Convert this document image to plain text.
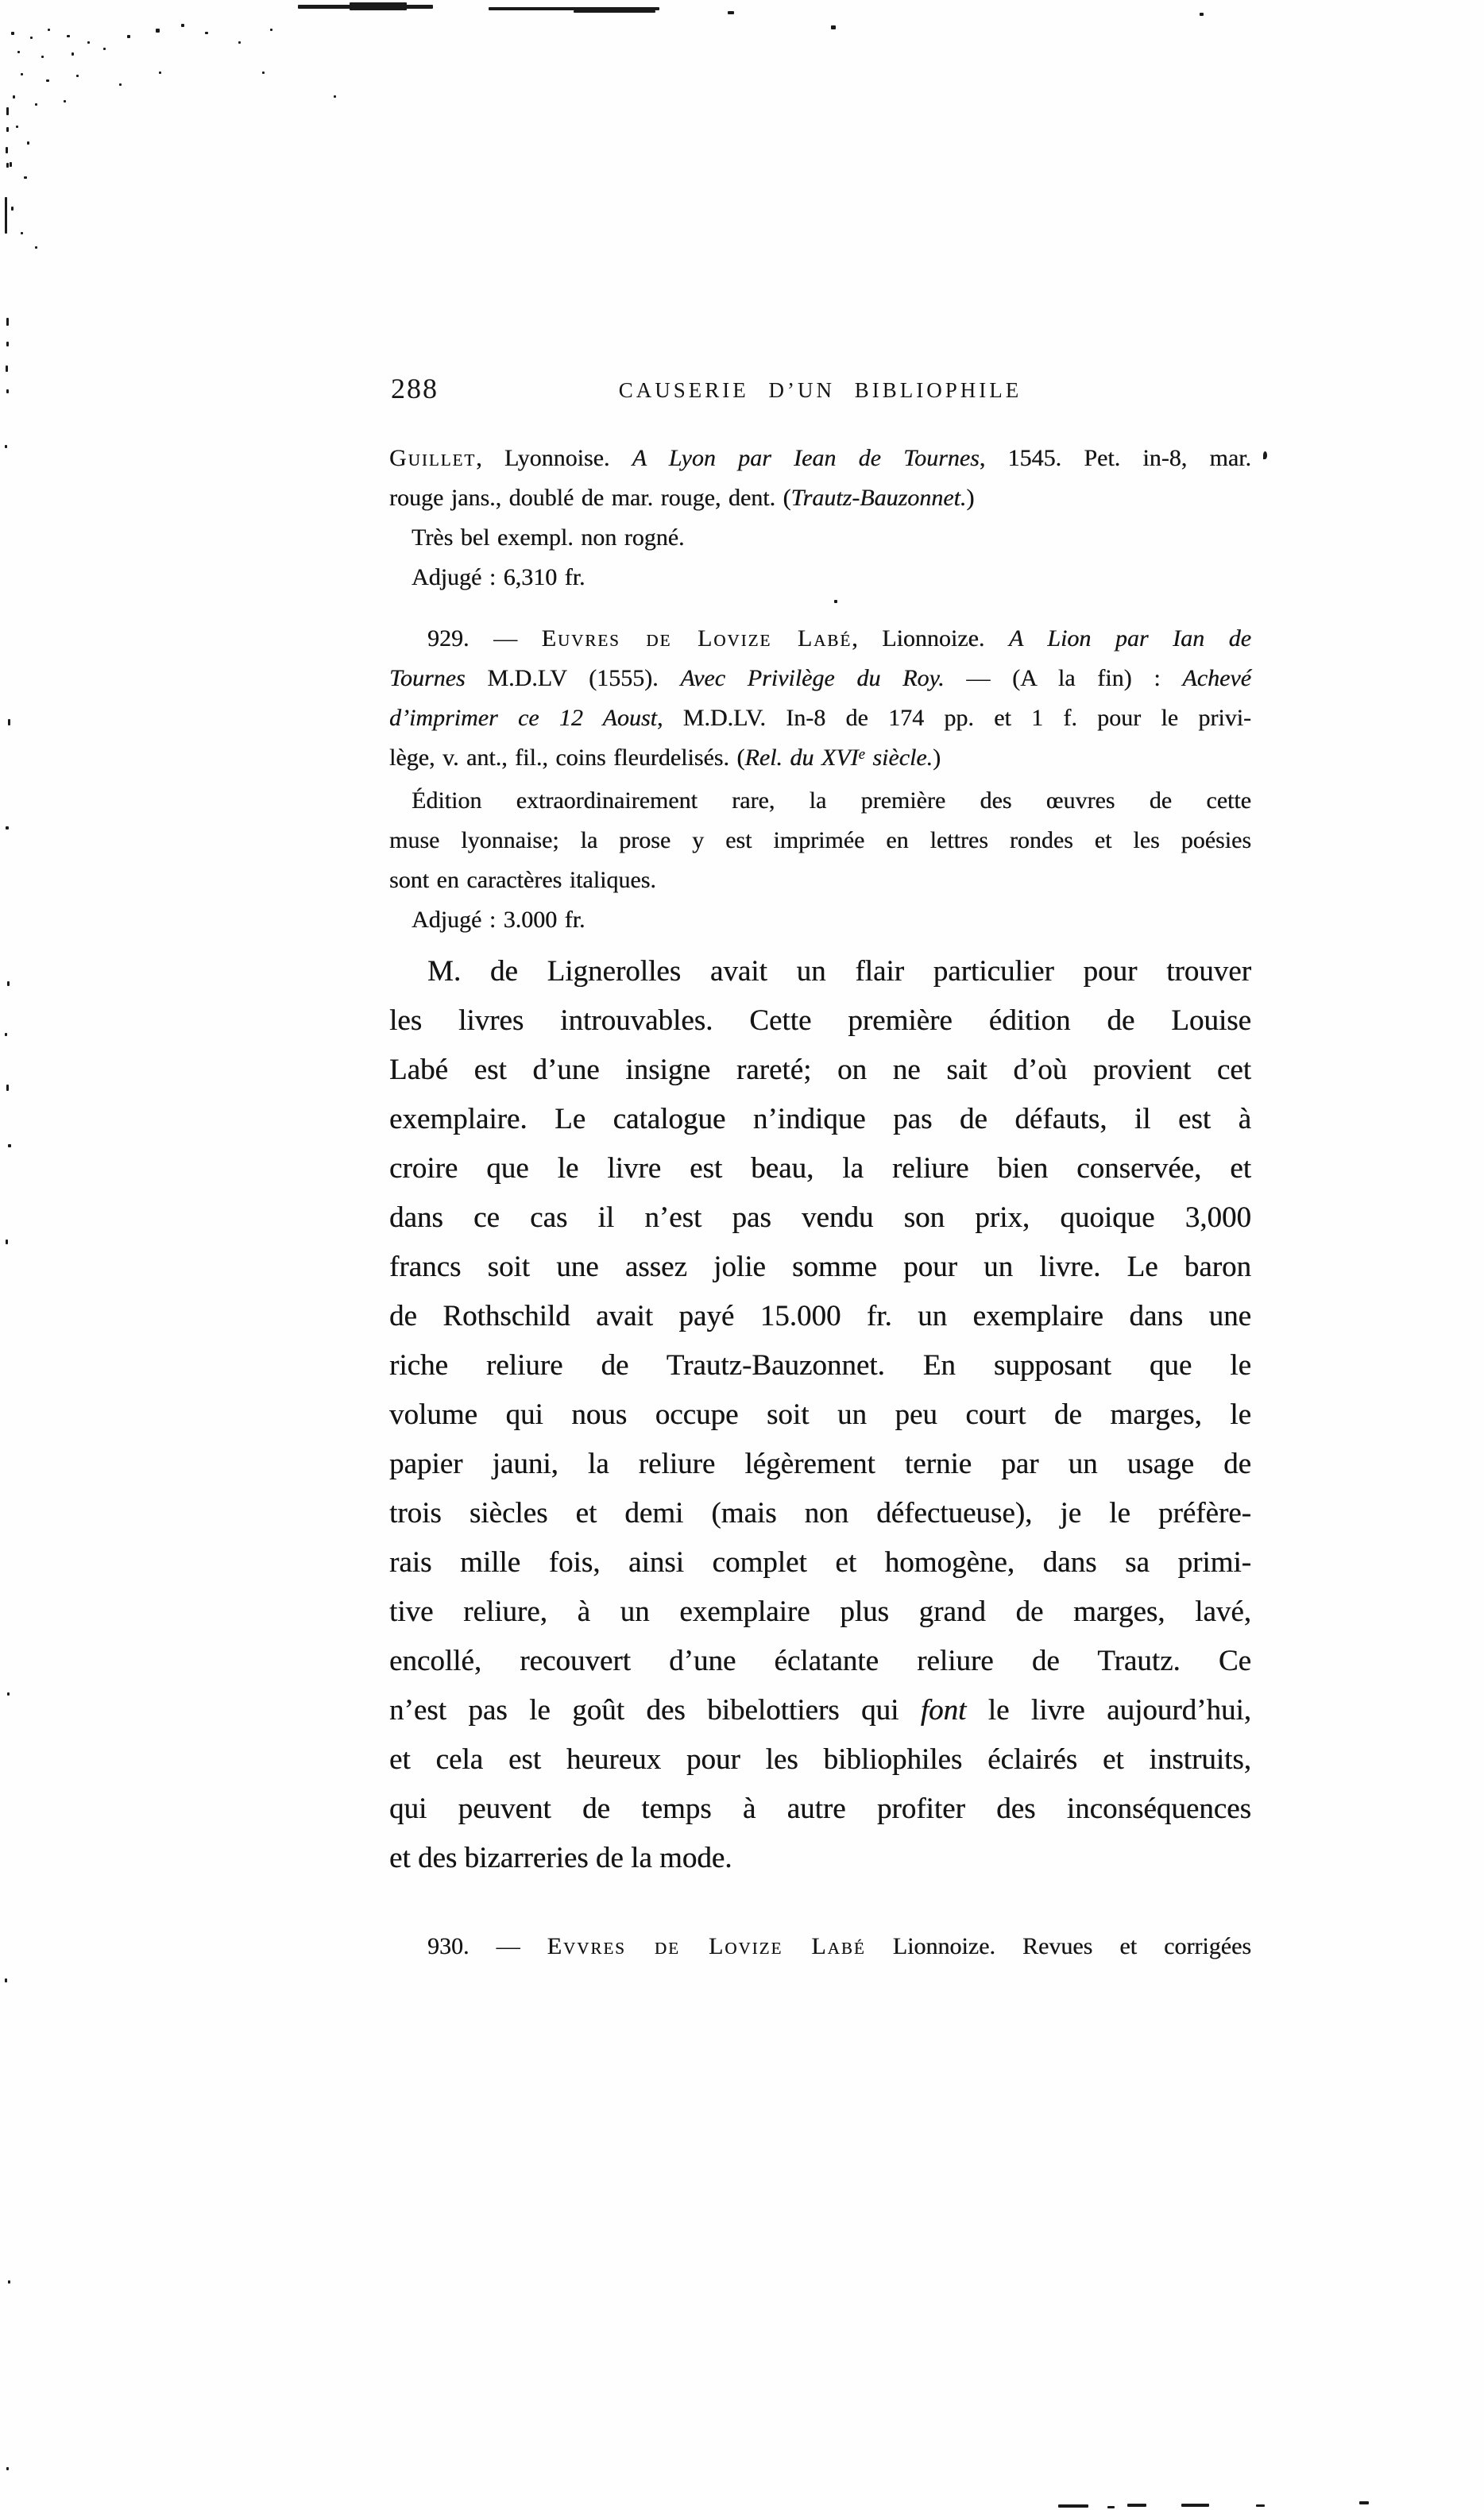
288	CAUSERIE D’UN BIBLIOPHILE
Guillet, Lyonnoise. A Lyon par Iean de Tournes, 1545. Pet. in-8, mar.
rouge jans., doublé de mar. rouge, dent. (Trautz-Bauzonnet.)
Très bel exempl. non rogné.
Adjugé : 6,310 fr.
929. — Euvres de Lovize Labé, Lionnoize. A Lion par Ian de
Tournes M.D.LV (1555). Avec Privilège du Roy. — (A la fin) : Achevé
d’imprimer ce 12 Aoust, M.D.LV. In-8 de 174 pp. et 1 f. pour le privi-
lège, v. ant., fil., coins fleurdelisés. (Rel. du XVIe siècle.)
Édition extraordinairement rare, la première des œuvres de cette
muse lyonnaise; la prose y est imprimée en lettres rondes et les poésies
sont en caractères italiques.
Adjugé : 3.000 fr.
M. de Lignerolles avait un flair particulier pour trouver
les livres introuvables. Cette première édition de Louise
Labé est d’une insigne rareté; on ne sait d’où provient cet
exemplaire. Le catalogue n’indique pas de défauts, il est à
croire que le livre est beau, la reliure bien conservée, et
dans ce cas il n’est pas vendu son prix, quoique 3,000
francs soit une assez jolie somme pour un livre. Le baron
de Rothschild avait payé 15.000 fr. un exemplaire dans une
riche reliure de Trautz-Bauzonnet. En supposant que le
volume qui nous occupe soit un peu court de marges, le
papier jauni, la reliure légèrement ternie par un usage de
trois siècles et demi (mais non défectueuse), je le préfère-
rais mille fois, ainsi complet et homogène, dans sa primi-
tive reliure, à un exemplaire plus grand de marges, lavé,
encollé, recouvert d’une éclatante reliure de Trautz. Ce
n’est pas le goût des bibelottiers qui font le livre aujourd’hui,
et cela est heureux pour les bibliophiles éclairés et instruits,
qui peuvent de temps à autre profiter des inconséquences
et des bizarreries de la mode.
930. — Evvres de Lovize Labé Lionnoize. Revues et corrigées
